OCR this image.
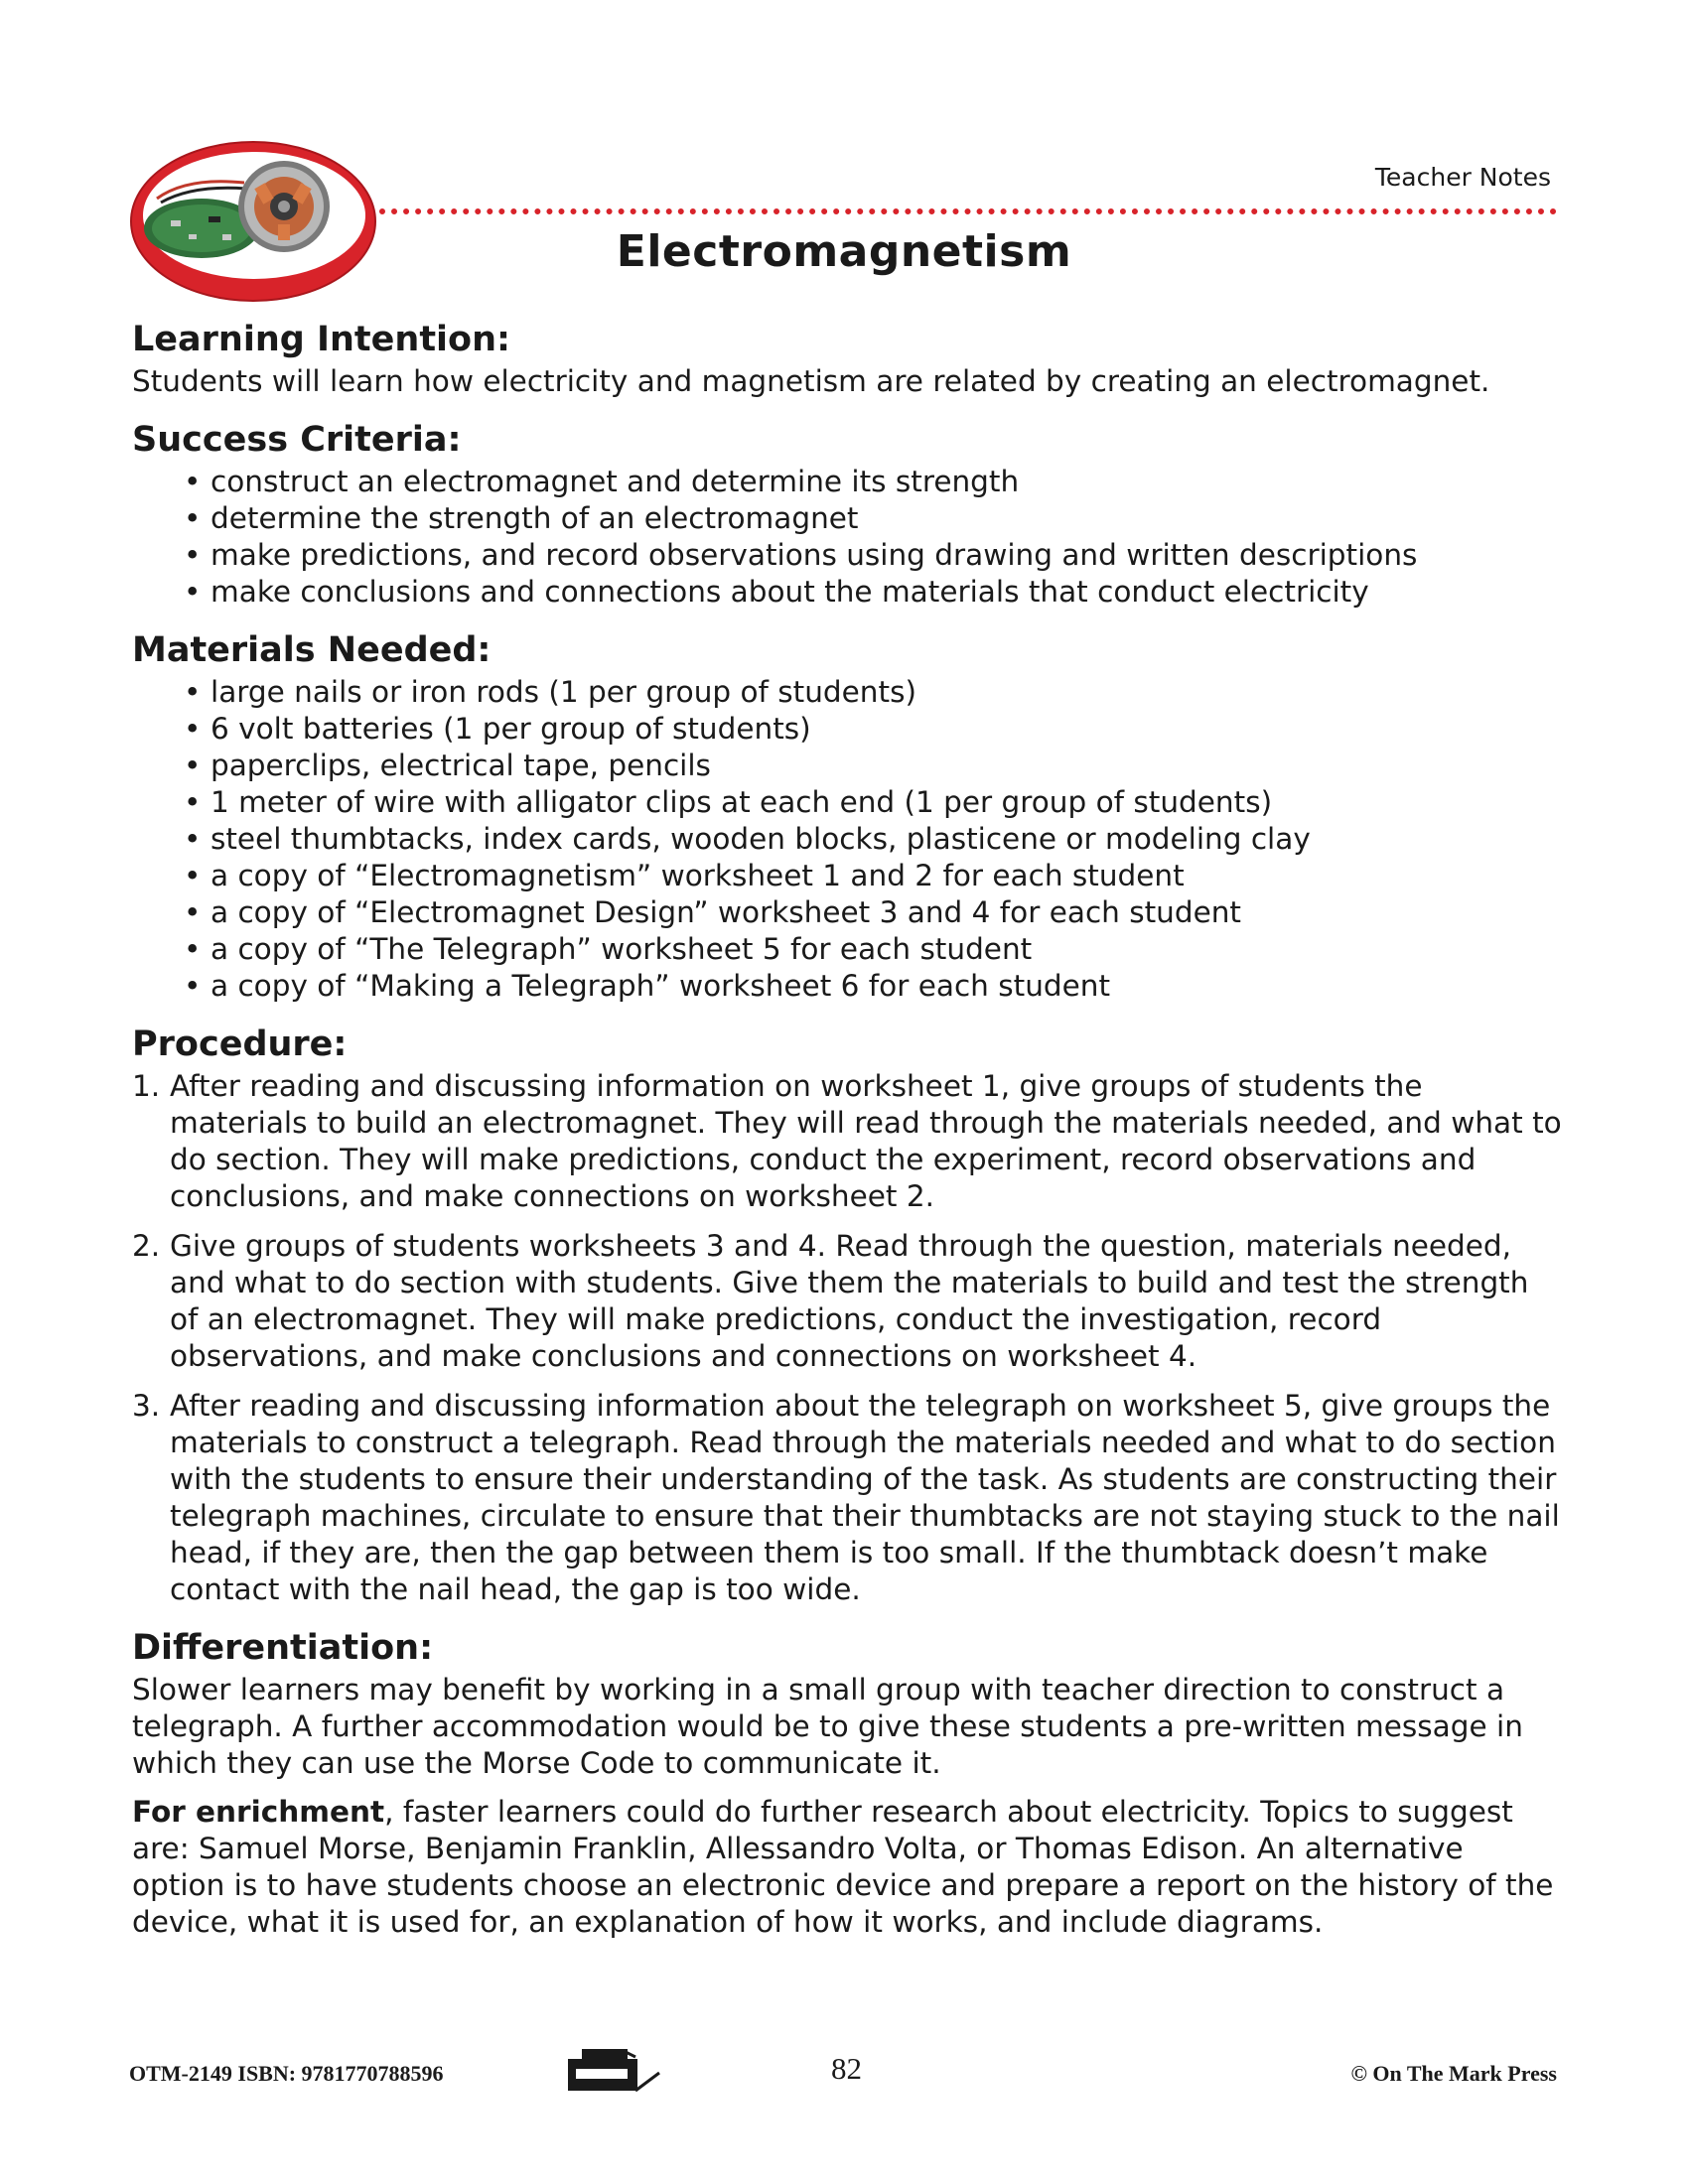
Teacher Notes
Electromagnetism
Learning Intention:

Students will learn how electricity and magnetism are related by creating an electromagnet.

Success Criteria:
• construct an electromagnet and determine its strength
• determine the strength of an electromagnet
• make predictions, and record observations using drawing and written descriptions
• make conclusions and connections about the materials that conduct electricity
Materials Needed:
• large nails or iron rods (1 per group of students)
• 6 volt batteries (1 per group of students)
• paperclips, electrical tape, pencils
• 1 meter of wire with alligator clips at each end (1 per group of students)
• steel thumbtacks, index cards, wooden blocks, plasticene or modeling clay
• a copy of “Electromagnetism” worksheet 1 and 2 for each student
• a copy of “Electromagnet Design” worksheet 3 and 4 for each student
• a copy of “The Telegraph” worksheet 5 for each student
• a copy of “Making a Telegraph” worksheet 6 for each student
Procedure:
1. After reading and discussing information on worksheet 1, give groups of students the materials to build an electromagnet. They will read through the materials needed, and what to do section. They will make predictions, conduct the experiment, record observations and conclusions, and make connections on worksheet 2.
2. Give groups of students worksheets 3 and 4. Read through the question, materials needed, and what to do section with students. Give them the materials to build and test the strength of an electromagnet. They will make predictions, conduct the investigation, record observations, and make conclusions and connections on worksheet 4.
3. After reading and discussing information about the telegraph on worksheet 5, give groups the materials to construct a telegraph. Read through the materials needed and what to do section with the students to ensure their understanding of the task. As students are constructing their telegraph machines, circulate to ensure that their thumbtacks are not staying stuck to the nail head, if they are, then the gap between them is too small. If the thumbtack doesn’t make contact with the nail head, the gap is too wide.
Differentiation:

Slower learners may benefit by working in a small group with teacher direction to construct a telegraph. A further accommodation would be to give these students a pre-written message in which they can use the Morse Code to communicate it.

For enrichment, faster learners could do further research about electricity. Topics to suggest are: Samuel Morse, Benjamin Franklin, Allessandro Volta, or Thomas Edison. An alternative option is to have students choose an electronic device and prepare a report on the history of the device, what it is used for, an explanation of how it works, and include diagrams.

OTM-2149 ISBN: 9781770788596	82	© On The Mark Press
